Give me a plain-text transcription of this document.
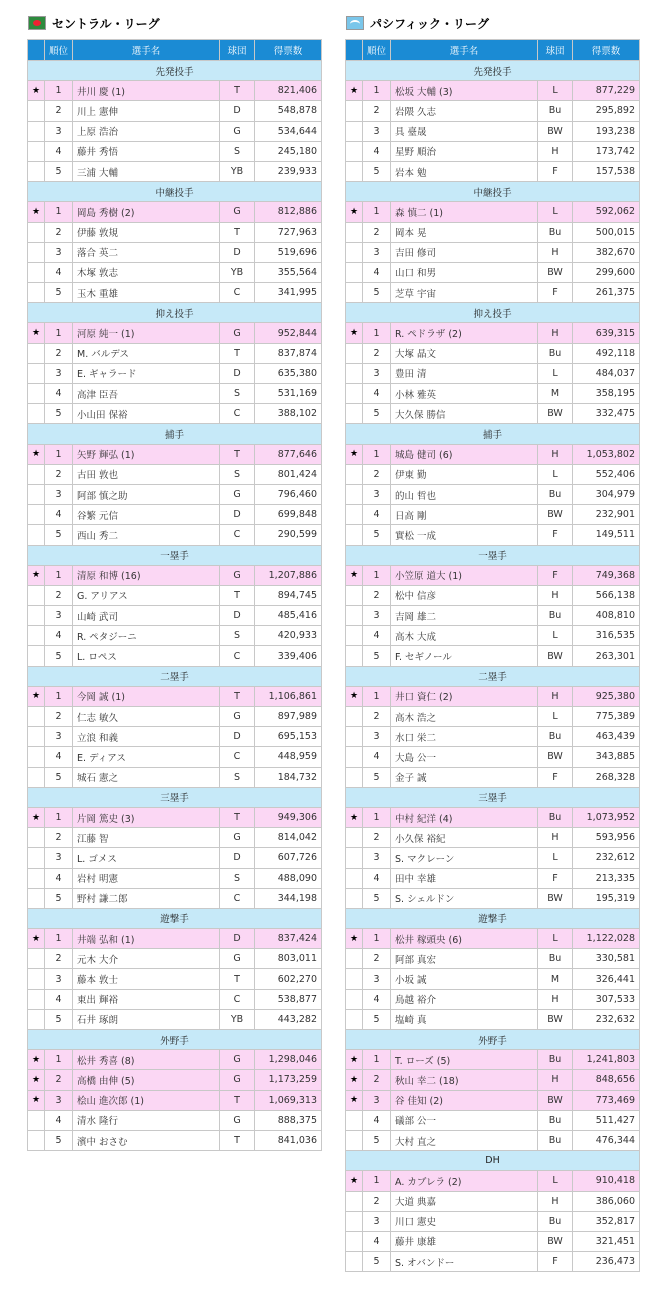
セントラル・リーグ
	順位	選手名	球団	得票数
先発投手				
★	1	井川 慶 (1)	T	821,406
	2	川上 憲伸	D	548,878
	3	上原 浩治	G	534,644
	4	藤井 秀悟	S	245,180
	5	三浦 大輔	YB	239,933
中継投手				
★	1	岡島 秀樹 (2)	G	812,886
	2	伊藤 敦規	T	727,963
	3	落合 英二	D	519,696
	4	木塚 敦志	YB	355,564
	5	玉木 重雄	C	341,995
抑え投手				
★	1	河原 純一 (1)	G	952,844
	2	M. バルデス	T	837,874
	3	E. ギャラード	D	635,380
	4	高津 臣吾	S	531,169
	5	小山田 保裕	C	388,102
捕手				
★	1	矢野 輝弘 (1)	T	877,646
	2	古田 敦也	S	801,424
	3	阿部 慎之助	G	796,460
	4	谷繁 元信	D	699,848
	5	西山 秀二	C	290,599
一塁手				
★	1	清原 和博 (16)	G	1,207,886
	2	G. アリアス	T	894,745
	3	山崎 武司	D	485,416
	4	R. ペタジーニ	S	420,933
	5	L. ロペス	C	339,406
二塁手				
★	1	今岡 誠 (1)	T	1,106,861
	2	仁志 敏久	G	897,989
	3	立浪 和義	D	695,153
	4	E. ディアス	C	448,959
	5	城石 憲之	S	184,732
三塁手				
★	1	片岡 篤史 (3)	T	949,306
	2	江藤 智	G	814,042
	3	L. ゴメス	D	607,726
	4	岩村 明憲	S	488,090
	5	野村 謙二郎	C	344,198
遊撃手				
★	1	井端 弘和 (1)	D	837,424
	2	元木 大介	G	803,011
	3	藤本 敦士	T	602,270
	4	東出 輝裕	C	538,877
	5	石井 琢朗	YB	443,282
外野手				
★	1	松井 秀喜 (8)	G	1,298,046
★	2	高橋 由伸 (5)	G	1,173,259
★	3	桧山 進次郎 (1)	T	1,069,313
	4	清水 隆行	G	888,375
	5	濱中 おさむ	T	841,036
パシフィック・リーグ
	順位	選手名	球団	得票数
先発投手				
★	1	松坂 大輔 (3)	L	877,229
	2	岩隈 久志	Bu	295,892
	3	具 臺晟	BW	193,238
	4	星野 順治	H	173,742
	5	岩本 勉	F	157,538
中継投手				
★	1	森 慎二 (1)	L	592,062
	2	岡本 晃	Bu	500,015
	3	吉田 修司	H	382,670
	4	山口 和男	BW	299,600
	5	芝草 宇宙	F	261,375
抑え投手				
★	1	R. ペドラザ (2)	H	639,315
	2	大塚 晶文	Bu	492,118
	3	豊田 清	L	484,037
	4	小林 雅英	M	358,195
	5	大久保 勝信	BW	332,475
捕手				
★	1	城島 健司 (6)	H	1,053,802
	2	伊東 勤	L	552,406
	3	的山 哲也	Bu	304,979
	4	日高 剛	BW	232,901
	5	實松 一成	F	149,511
一塁手				
★	1	小笠原 道大 (1)	F	749,368
	2	松中 信彦	H	566,138
	3	吉岡 雄二	Bu	408,810
	4	高木 大成	L	316,535
	5	F. セギノール	BW	263,301
二塁手				
★	1	井口 資仁 (2)	H	925,380
	2	高木 浩之	L	775,389
	3	水口 栄二	Bu	463,439
	4	大島 公一	BW	343,885
	5	金子 誠	F	268,328
三塁手				
★	1	中村 紀洋 (4)	Bu	1,073,952
	2	小久保 裕紀	H	593,956
	3	S. マクレーン	L	232,612
	4	田中 幸雄	F	213,335
	5	S. シェルドン	BW	195,319
遊撃手				
★	1	松井 稼頭央 (6)	L	1,122,028
	2	阿部 真宏	Bu	330,581
	3	小坂 誠	M	326,441
	4	鳥越 裕介	H	307,533
	5	塩崎 真	BW	232,632
外野手				
★	1	T. ローズ (5)	Bu	1,241,803
★	2	秋山 幸二 (18)	H	848,656
★	3	谷 佳知 (2)	BW	773,469
	4	礒部 公一	Bu	511,427
	5	大村 直之	Bu	476,344
DH				
★	1	A. カブレラ (2)	L	910,418
	2	大道 典嘉	H	386,060
	3	川口 憲史	Bu	352,817
	4	藤井 康雄	BW	321,451
	5	S. オバンドー	F	236,473
